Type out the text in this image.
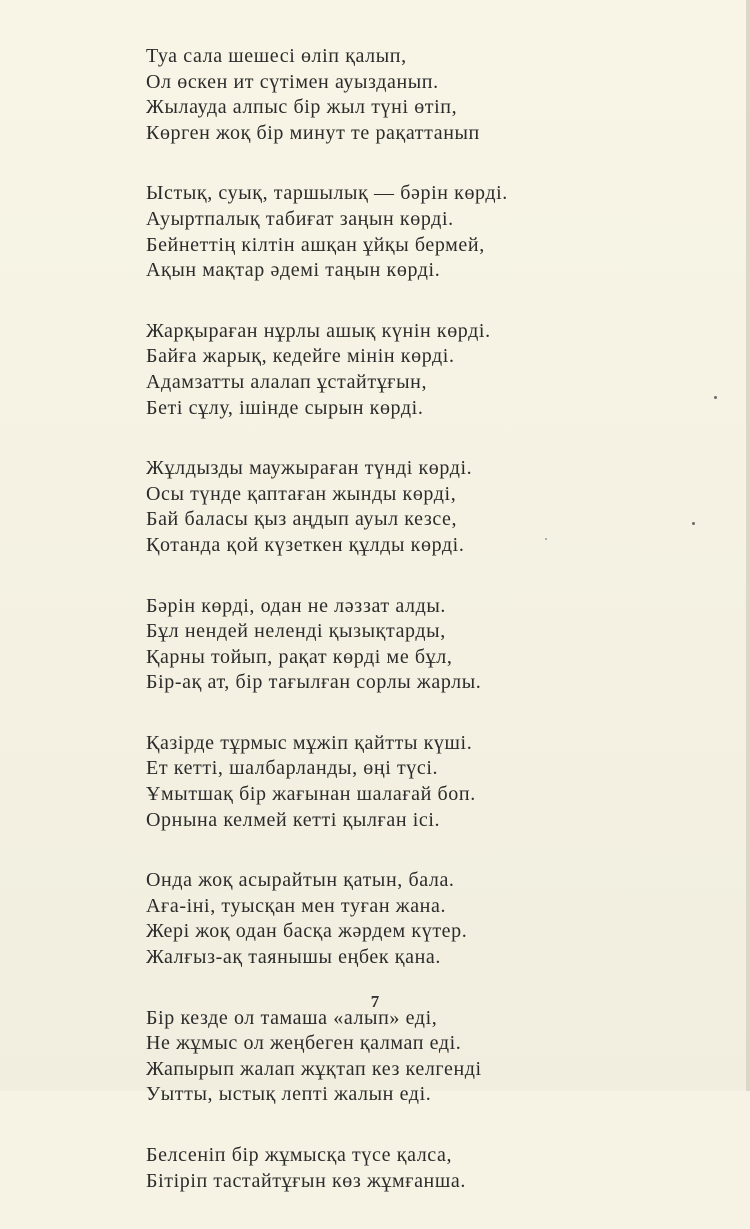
Туа сала шешесі өліп қалып,
Ол өскен ит сүтімен ауызданып.
Жылауда алпыс бір жыл түні өтіп,
Көрген жоқ бір минут те рақаттанып
Ыстық, суық, таршылық — бәрін көрді.
Ауыртпалық табиғат заңын көрді.
Бейнеттің кілтін ашқан ұйқы бермей,
Ақын мақтар әдемі таңын көрді.
Жарқыраған нұрлы ашық күнін көрді.
Байға жарық, кедейге мінін көрді.
Адамзатты алалап ұстайтұғын,
Беті сұлу, ішінде сырын көрді.
Жұлдызды маужыраған түнді көрді.
Осы түнде қаптаған жынды көрді,
Бай баласы қыз аңдып ауыл кезсе,
Қотанда қой күзеткен құлды көрді.
Бәрін көрді, одан не ләззат алды.
Бұл нендей неленді қызықтарды,
Қарны тойып, рақат көрді ме бұл,
Бір-ақ ат, бір тағылған сорлы жарлы.
Қазірде тұрмыс мұжіп қайтты күші.
Ет кетті, шалбарланды, өңі түсі.
Ұмытшақ бір жағынан шалағай боп.
Орнына келмей кетті қылған ісі.
Онда жоқ асырайтын қатын, бала.
Аға-іні, туысқан мен туған жана.
Жері жоқ одан басқа жәрдем күтер.
Жалғыз-ақ таянышы еңбек қана.
Бір кезде ол тамаша «алып» еді,
Не жұмыс ол жеңбеген қалмап еді.
Жапырып жалап жұқтап кез келгенді
Уытты, ыстық лепті жалын еді.
Белсеніп бір жұмысқа түсе қалса,
Бітіріп тастайтұғын көз жұмғанша.
7
